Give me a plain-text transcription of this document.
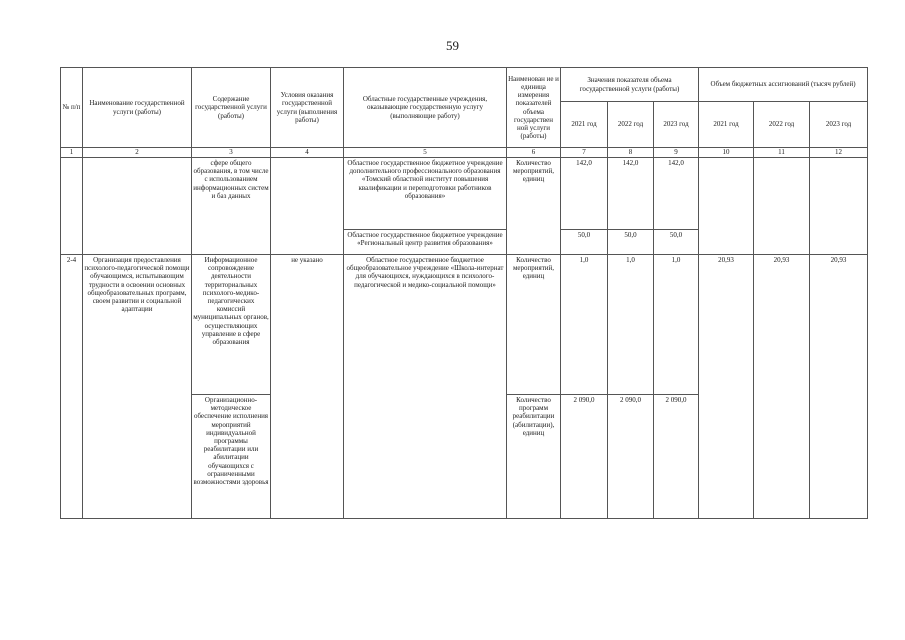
59
№ п/п	Наименование государственной услуги (работы)	Содержание государственной услуги (работы)	Условия оказания государственной услуги (выполнения работы)	Областные государственные учреждения, оказывающие государственную услугу (выполняющие работу)	Наименован ие и единица измерения показателей объема государствен ной услуги (работы)	Значения показателя объема государственной услуги (работы)			Объем бюджетных ассигнований (тысяч рублей)		
						2021 год	2022 год	2023 год	2021 год	2022 год	2023 год
1	2	3	4	5	6	7	8	9	10	11	12
		сфере общего образования, в том числе с использованием информационных систем и баз данных		Областное государственное бюджетное учреждение дополнительного профессионального образования «Томский областной институт повышения квалификации и переподготовки работников образования»	Количество мероприятий, единиц	142,0	142,0	142,0			
				Областное государственное бюджетное учреждение «Региональный центр развития образования»		50,0	50,0	50,0			
2-4	Организация предоставления психолого-педагогической помощи обучающимся, испытывающим трудности в освоении основных общеобразовательных программ, своем развитии и социальной адаптации	Информационное сопровождение деятельности территориальных психолого-медико-педагогических комиссий муниципальных органов, осуществляющих управление в сфере образования	не указано	Областное государственное бюджетное общеобразовательное учреждение «Школа-интернат для обучающихся, нуждающихся в психолого-педагогической и медико-социальной помощи»	Количество мероприятий, единиц	1,0	1,0	1,0	20,93	20,93	20,93
		Организационно-методическое обеспечение исполнения мероприятий индивидуальной программы реабилитации или абилитации обучающихся с ограниченными возможностями здоровья			Количество программ реабилитации (абилитации), единиц	2 090,0	2 090,0	2 090,0			
